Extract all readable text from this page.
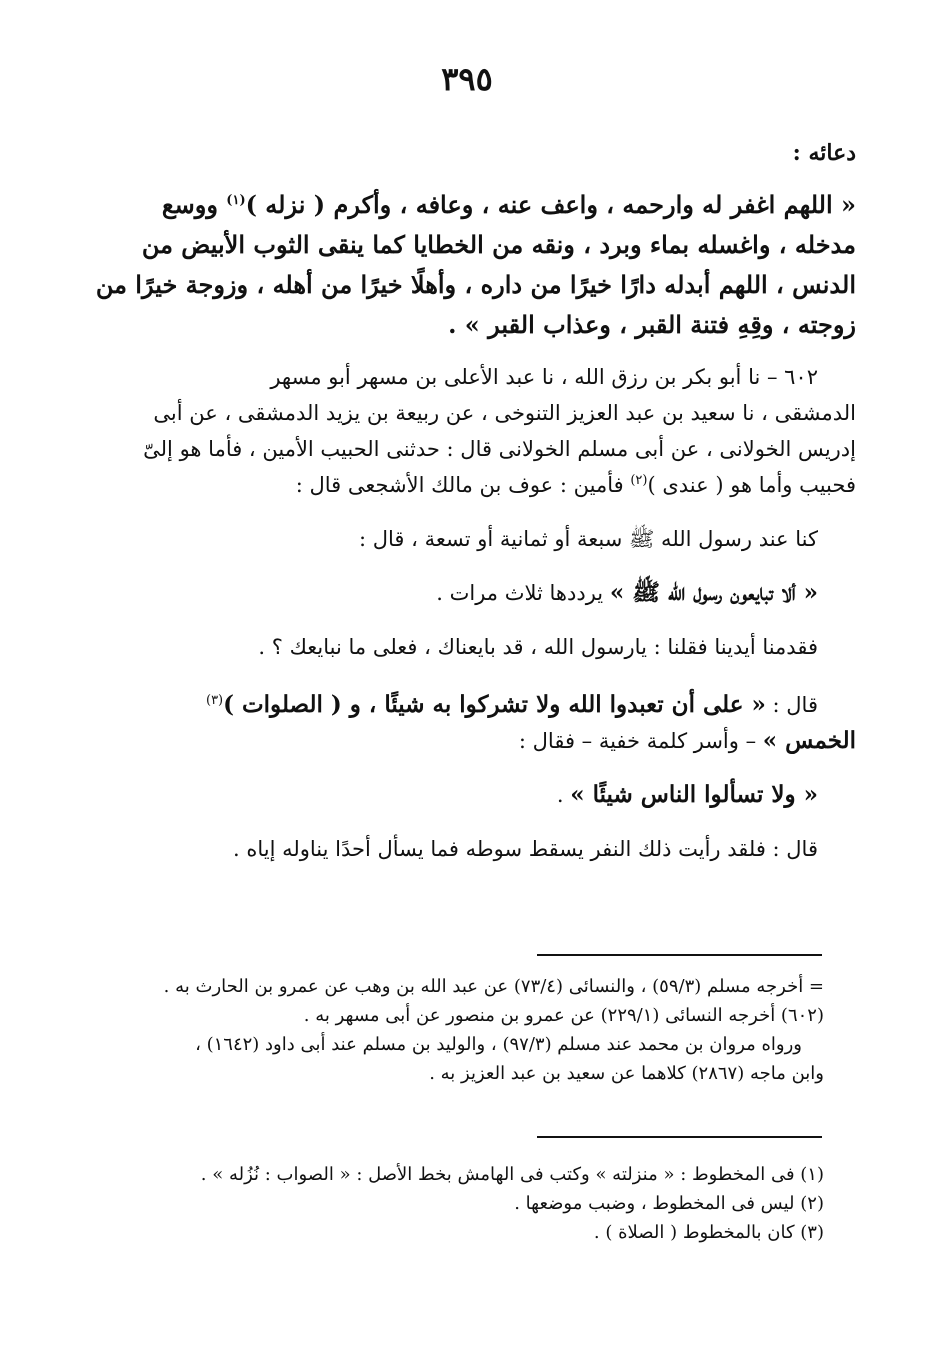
٣٩٥
دعائه :
« اللهم اغفر له وارحمه ، واعف عنه ، وعافه ، وأكرم ( نزله )$^{(١)}$ ووسع
مدخله ، واغسله بماء وبرد ، ونقه من الخطايا كما ينقى الثوب الأبيض من
الدنس ، اللهم أبدله دارًا خيرًا من داره ، وأهلًا خيرًا من أهله ، وزوجة خيرًا من
زوجته ، وقِهِ فتنة القبر ، وعذاب القبر » .
٦٠٢ – نا أبو بكر بن رزق الله ، نا عبد الأعلى بن مسهر أبو مسهر
الدمشقى ، نا سعيد بن عبد العزيز التنوخى ، عن ربيعة بن يزيد الدمشقى ، عن أبى
إدريس الخولانى ، عن أبى مسلم الخولانى قال : حدثنى الحبيب الأمين ، فأما هو إلىّ
فحبيب وأما هو ( عندى )$^{(٢)}$ فأمين : عوف بن مالك الأشجعى قال :
كنا عند رسول الله ﷺ سبعة أو ثمانية أو تسعة ، قال :
« ألا تبايعون رسول الله ﷺ » يرددها ثلاث مرات .
فقدمنا أيدينا فقلنا : يارسول الله ، قد بايعناك ، فعلى ما نبايعك ؟ .
قال : « على أن تعبدوا الله ولا تشركوا به شيئًا ، و ( الصلوات )$^{(٣)}$
الخمس » – وأسر كلمة خفية – فقال :
« ولا تسألوا الناس شيئًا » .
قال : فلقد رأيت ذلك النفر يسقط سوطه فما يسأل أحدًا يناوله إياه .
= أخرجه مسلم (٥٩/٣) ، والنسائى (٧٣/٤) عن عبد الله بن وهب عن عمرو بن الحارث به .
(٦٠٢) أخرجه النسائى (٢٢٩/١) عن عمرو بن منصور عن أبى مسهر به .
ورواه مروان بن محمد عند مسلم (٩٧/٣) ، والوليد بن مسلم عند أبى داود (١٦٤٢) ،
وابن ماجه (٢٨٦٧) كلاهما عن سعيد بن عبد العزيز به .
(١) فى المخطوط : « منزلته » وكتب فى الهامش بخط الأصل : « الصواب : نُزُله » .
(٢) ليس فى المخطوط ، وضبب موضعها .
(٣) كان بالمخطوط ( الصلاة ) .
